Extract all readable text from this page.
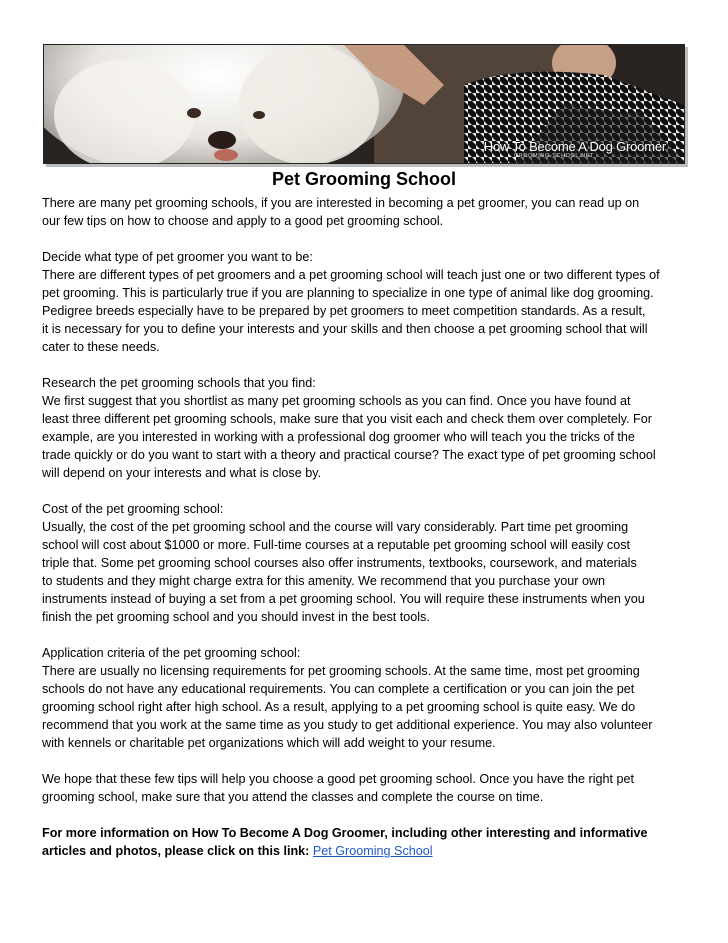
How To Become A Dog Groomer
GROOMING-SCHOOL.NET
Pet Grooming School

There are many pet grooming schools, if you are interested in becoming a pet groomer, you can read up on
our few tips on how to choose and apply to a good pet grooming school.

Decide what type of pet groomer you want to be:
There are different types of pet groomers and a pet grooming school will teach just one or two different types of
pet grooming. This is particularly true if you are planning to specialize in one type of animal like dog grooming.
Pedigree breeds especially have to be prepared by pet groomers to meet competition standards. As a result,
it is necessary for you to define your interests and your skills and then choose a pet grooming school that will
cater to these needs.

Research the pet grooming schools that you find:
We first suggest that you shortlist as many pet grooming schools as you can find. Once you have found at
least three different pet grooming schools, make sure that you visit each and check them over completely. For
example, are you interested in working with a professional dog groomer who will teach you the tricks of the
trade quickly or do you want to start with a theory and practical course? The exact type of pet grooming school
will depend on your interests and what is close by.

Cost of the pet grooming school:
Usually, the cost of the pet grooming school and the course will vary considerably. Part time pet grooming
school will cost about $1000 or more. Full-time courses at a reputable pet grooming school will easily cost
triple that. Some pet grooming school courses also offer instruments, textbooks, coursework, and materials
to students and they might charge extra for this amenity. We recommend that you purchase your own
instruments instead of buying a set from a pet grooming school. You will require these instruments when you
finish the pet grooming school and you should invest in the best tools.

Application criteria of the pet grooming school:
There are usually no licensing requirements for pet grooming schools. At the same time, most pet grooming
schools do not have any educational requirements. You can complete a certification or you can join the pet
grooming school right after high school. As a result, applying to a pet grooming school is quite easy. We do
recommend that you work at the same time as you study to get additional experience. You may also volunteer
with kennels or charitable pet organizations which will add weight to your resume.

We hope that these few tips will help you choose a good pet grooming school. Once you have the right pet
grooming school, make sure that you attend the classes and complete the course on time.

For more information on How To Become A Dog Groomer, including other interesting and informative
articles and photos, please click on this link: Pet Grooming School
